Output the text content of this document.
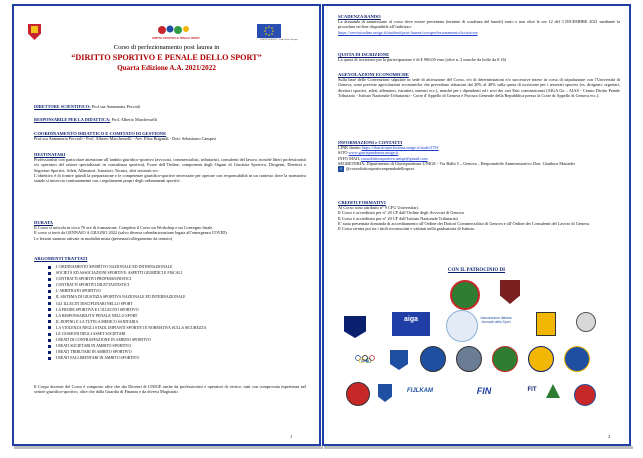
DIRITTO SPORTIVO E PENALE SPORT	UNIONE EUROPEA · Fondo Sociale Europeo
Corso di perfezionamento post laurea in
“DIRITTO SPORTIVO E PENALE DELLO SPORT”
Quarta Edizione A.A. 2021/2022
DIRETTORE SCIENTIFICO: Prof.ssa Annamaria Peccioli
RESPONSABILE PER LA DIDATTICA: Prof. Alberto Marchesselli
COORDINAMENTO DIDATTICO E COMITATO DI GESTIONE

Prof.ssa Annamaria Peccioli - Prof. Alberto Marchesselli - Avv. Elisa Brigandì - Dott. Sebastiano Campisi

DESTINATARI

Professionisti con particolare attenzione all’ambito giuridico-sportivo (avvocati, commercialisti, tributaristi, consulenti del lavoro, nonché liberi professionisti e/o operatori del settore specializzati in consulenza sportiva), Forze dell’Ordine, componenti degli Organi di Giustizia Sportiva, Dirigenti, Direttori e Segretari Sportivi, Atleti, Allenatori, Istruttori, Tecnici, altri tesserati ecc.

L’obiettivo è di fornire quindi la preparazione e le competenze giuridico-sportive necessarie per operare con responsabilità in un contesto dove la normativa statale si intreccia continuamente con i regolamenti propri degli ordinamenti sportivi.

DURATA

Il Corso si articola in circa 76 ore di formazione. Completa il Corso un Workshop e un Convegno finale.

Il corso si terrà da GENNAIO A GIUGNO 2022 (salvo diversa calendarizzazione legata all’emergenza COVID)

Le lezioni saranno attivate in modalità mista (presenza/collegamento da remoto)

ARGOMENTI TRATTATI
L’ORDINAMENTO SPORTIVO NAZIONALE ED INTERNAZIONALE
SOCIETÀ ED ASSOCIAZIONI SPORTIVE: ASPETTI GIURIDICI E FISCALI
CONTRATTI SPORTIVI PROFESSIONISTICI
CONTRATTI SPORTIVI DILETTANTISTICI
L’ARBITRATO SPORTIVO
IL SISTEMA DI GIUSTIZIA SPORTIVA NAZIONALE ED INTERNAZIONALE
GLI ILLECITI DISCIPLINARI NELLO SPORT
LA FRODE SPORTIVA E L’ILLECITO SPORTIVO
LA RESPONSABILITA’ PENALE NELLO SPORT
IL DOPING E LA TUTELA MEDICO SANITARIA
LA VIOLENZA NEGLI STADI, IMPIANTI SPORTIVI E NORMATIVA SULLA SICUREZZA
LE CESSIONI DEGLI ASSET SOCIETARI
I REATI DI CONTRAFFAZIONE IN AMBITO SPORTIVO
I REATI SOCIETARI IN AMBITO SPORTIVO
I REATI TRIBUTARI IN AMBITO SPORTIVO
I REATI FALLIMENTARI IN AMBITO SPORTIVO

Il Corpo docente del Corso è composto oltre che dai Docenti di UNIGE anche da professionisti e operatori di vertice, tutti con comprovata esperienza nel settore giuridico-sportivo, oltre che dalla Guardia di Finanza e da diversi Magistrati

1
SCADENZA BANDO

La domanda di ammissione al corso deve essere presentata (termine di scadenza del bando) entro e non oltre le ore 12 del 3 DICEMBRE 2021 mediante la procedura on-line disponibile all’indirizzo:

https://servizionline.unige.it/studenti/post-laurea/corsiperfezionamento/iscrizione
QUOTA DI ISCRIZIONE

La quota di iscrizione per la partecipazione è di € 900,00 euro (oltre n. 2 marche da bollo da € 16)

AGEVOLAZIONI ECONOMICHE

Sulla base delle Convenzioni stipulate in sede di attivazione del Corso, e/o di determinazioni e/o successive intese in corso di stipulazione con l’Università di Genova, sono previste agevolazioni economiche che prevedono riduzioni dal 20% al 40% sulla quota di iscrizione per i tesserati sportivi (es. dirigenti, segretari, direttori sportivi, atleti, allenatori, istruttori, maestri ecc.), nonché per i dipendenti ed i soci dei vari Enti convenzionati (AIGA Ge – AIAS - Centro Diritto Penale Tributario - Istituto Nazionale Tributaristi - Corte d’Appello di Genova e Procura Generale della Repubblica presso la Corte di Appello di Genova ecc.).

INFORMAZIONI e CONTATTI
LINK diretto https://sbarticoperfeziona.unige.it/node/2791
SITO www.giurisprudenza.unige.it
INFO MAIL corsodirittosportivo.unige@gmail.com

SEGRETERIA: Dipartimento di Giurisprudenza UNIGE - Via Balbi 5 – Genova – Responsabile Amministrativo Dott. Gianluca Mariadei

f @corsodirittosportivoepenaledellosport
CREDITI FORMATIVI

Al Corso sono attribuiti n° 9 CFU Universitari.

Il Corso è accreditato per n° 20 CF dall’Ordine degli Avvocati di Genova

Il Corso è accreditato per n° 20 CF dall’Istituto Nazionale Tributaristi

E’ stata presentata domanda di accreditamento all’Ordine dei Dottori Commercialisti di Genova e all’Ordine dei Consulenti del Lavoro di Genova.

Il Corso rientra poi tra i titoli riconosciuti e valutati nella graduatoria di Istituto.

CON IL PATROCINIO DI
aiga	Associazione Italiana Avvocati dello Sport
CONI
FIJLKAM	FIN	FIT
2
